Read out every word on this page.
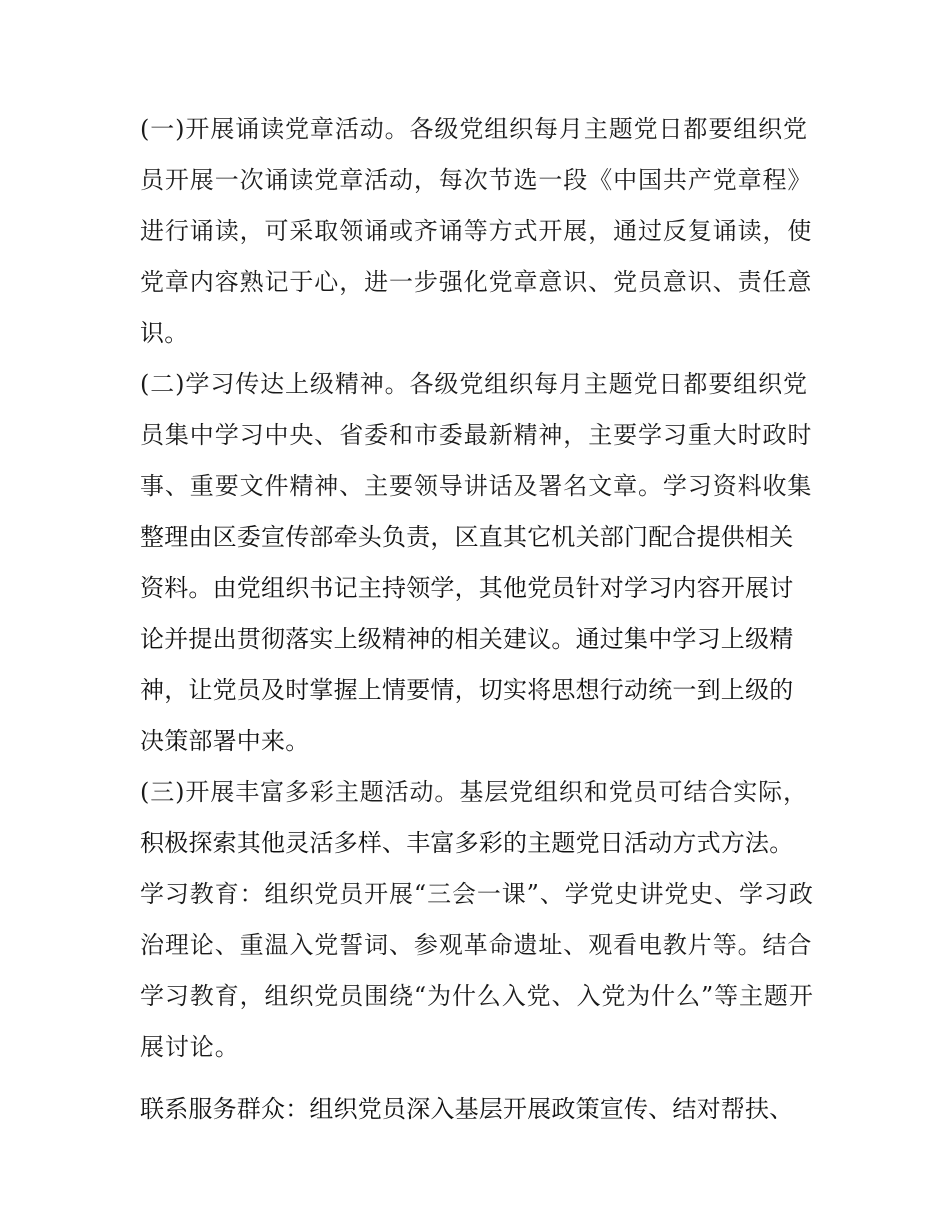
(一)开展诵读党章活动。各级党组织每月主题党日都要组织党
员开展一次诵读党章活动，每次节选一段《中国共产党章程》
进行诵读，可采取领诵或齐诵等方式开展，通过反复诵读，使
党章内容熟记于心，进一步强化党章意识、党员意识、责任意
识。
(二)学习传达上级精神。各级党组织每月主题党日都要组织党
员集中学习中央、省委和市委最新精神，主要学习重大时政时
事、重要文件精神、主要领导讲话及署名文章。学习资料收集
整理由区委宣传部牵头负责，区直其它机关部门配合提供相关
资料。由党组织书记主持领学，其他党员针对学习内容开展讨
论并提出贯彻落实上级精神的相关建议。通过集中学习上级精
神，让党员及时掌握上情要情，切实将思想行动统一到上级的
决策部署中来。
(三)开展丰富多彩主题活动。基层党组织和党员可结合实际，
积极探索其他灵活多样、丰富多彩的主题党日活动方式方法。
学习教育：组织党员开展“三会一课”、学党史讲党史、学习政
治理论、重温入党誓词、参观革命遗址、观看电教片等。结合
学习教育，组织党员围绕“为什么入党、入党为什么”等主题开
展讨论。
联系服务群众：组织党员深入基层开展政策宣传、结对帮扶、
